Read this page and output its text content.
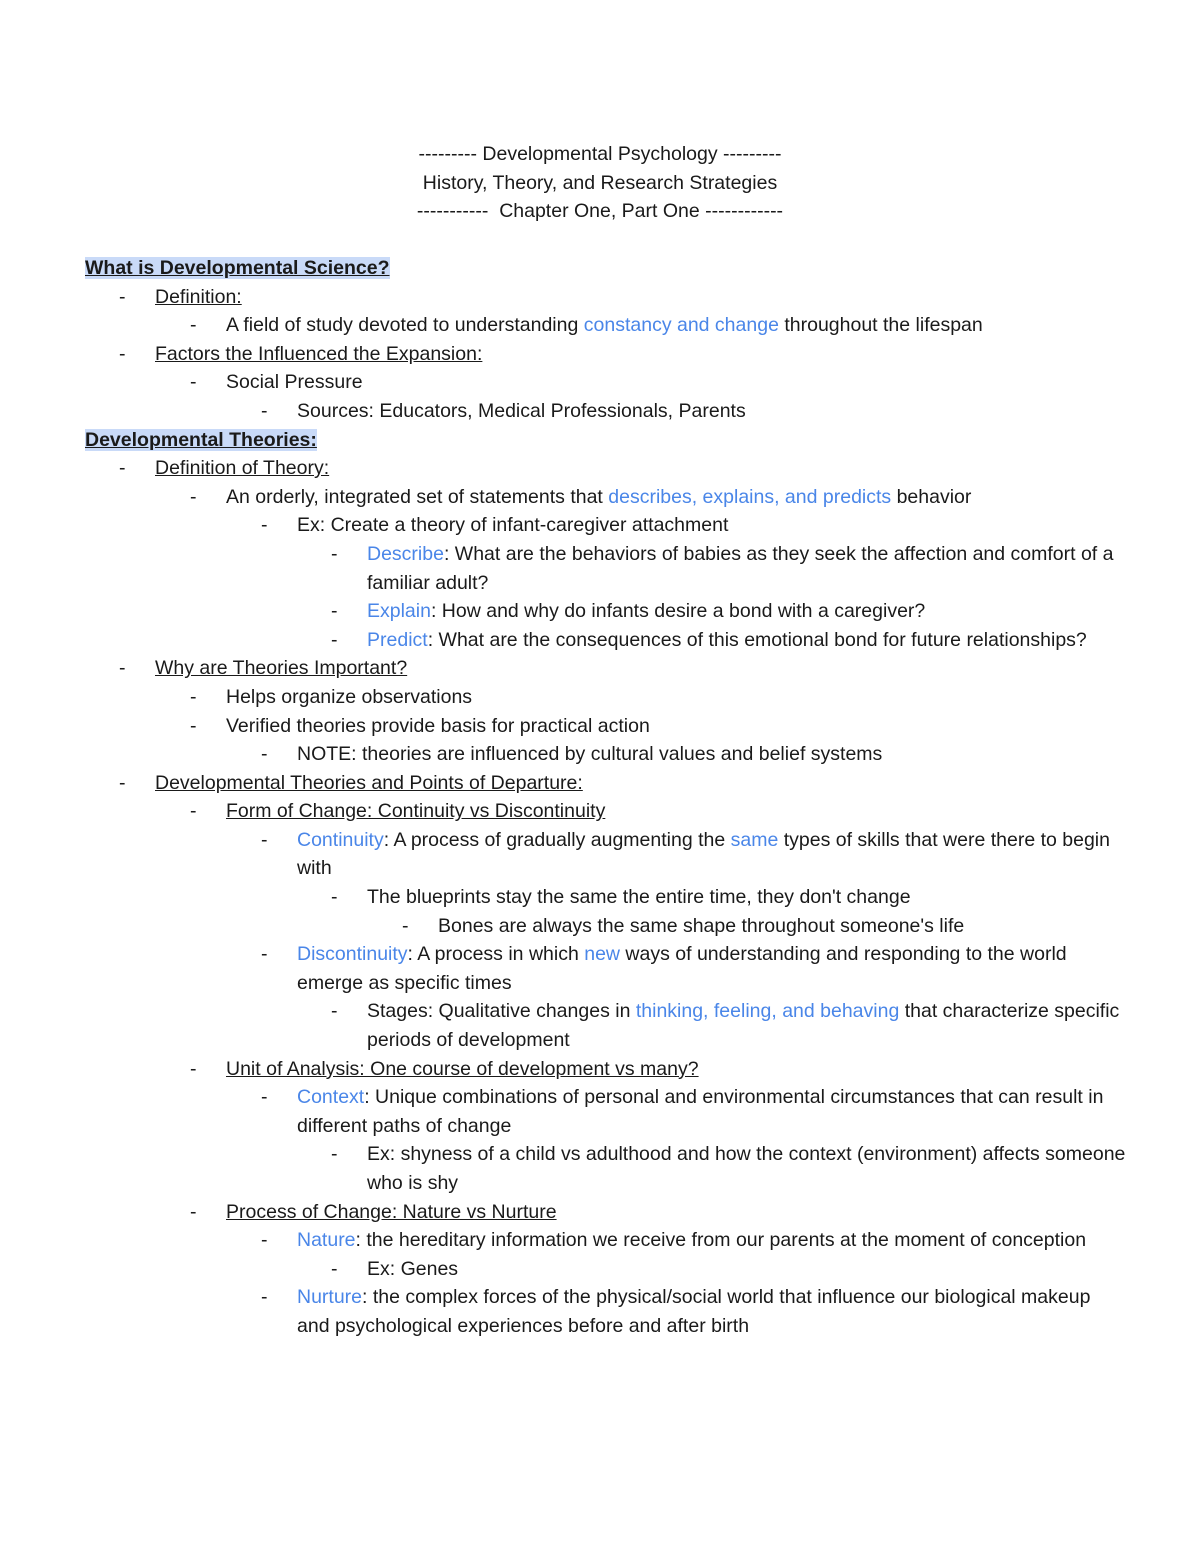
--------- Developmental Psychology ---------
History, Theory, and Research Strategies
-----------  Chapter One, Part One ------------
What is Developmental Science?
- Definition:
- A field of study devoted to understanding constancy and change throughout the lifespan
- Factors the Influenced the Expansion:
- Social Pressure
- Sources: Educators, Medical Professionals, Parents
Developmental Theories:
- Definition of Theory:
- An orderly, integrated set of statements that describes, explains, and predicts behavior
- Ex: Create a theory of infant-caregiver attachment
- Describe: What are the behaviors of babies as they seek the affection and comfort of a familiar adult?
- Explain: How and why do infants desire a bond with a caregiver?
- Predict: What are the consequences of this emotional bond for future relationships?
- Why are Theories Important?
- Helps organize observations
- Verified theories provide basis for practical action
- NOTE: theories are influenced by cultural values and belief systems
- Developmental Theories and Points of Departure:
- Form of Change: Continuity vs Discontinuity
- Continuity: A process of gradually augmenting the same types of skills that were there to begin with
- The blueprints stay the same the entire time, they don't change
- Bones are always the same shape throughout someone's life
- Discontinuity: A process in which new ways of understanding and responding to the world emerge as specific times
- Stages: Qualitative changes in thinking, feeling, and behaving that characterize specific periods of development
- Unit of Analysis: One course of development vs many?
- Context: Unique combinations of personal and environmental circumstances that can result in different paths of change
- Ex: shyness of a child vs adulthood and how the context (environment) affects someone who is shy
- Process of Change: Nature vs Nurture
- Nature: the hereditary information we receive from our parents at the moment of conception
- Ex: Genes
- Nurture: the complex forces of the physical/social world that influence our biological makeup and psychological experiences before and after birth
